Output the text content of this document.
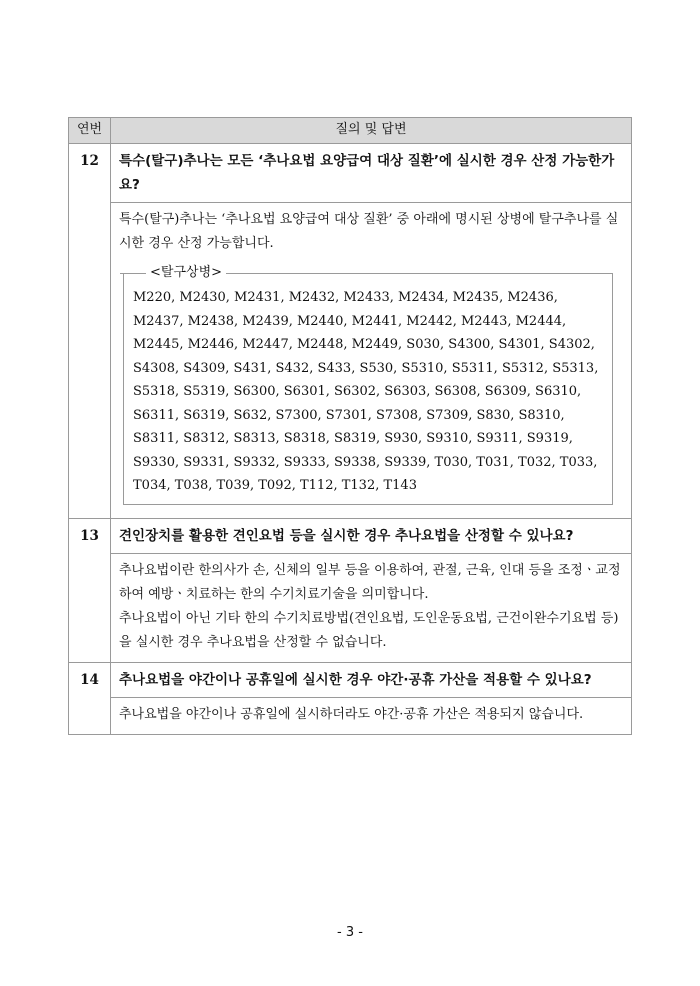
연번	질의 및 답변
12	특수(탈구)추나는 모든 ‘추나요법 요양급여 대상 질환’에 실시한 경우 산정 가능한가요?

	특수(탈구)추나는 ‘추나요법 요양급여 대상 질환’ 중 아래에 명시된 상병에 탈구추나를 실시한 경우 산정 가능합니다.

<탈구상병>
M220, M2430, M2431, M2432, M2433, M2434, M2435, M2436, M2437, M2438, M2439, M2440, M2441, M2442, M2443, M2444, M2445, M2446, M2447, M2448, M2449, S030, S4300, S4301, S4302, S4308, S4309, S431, S432, S433, S530, S5310, S5311, S5312, S5313, S5318, S5319, S6300, S6301, S6302, S6303, S6308, S6309, S6310, S6311, S6319, S632, S7300, S7301, S7308, S7309, S830, S8310, S8311, S8312, S8313, S8318, S8319, S930, S9310, S9311, S9319, S9330, S9331, S9332, S9333, S9338, S9339, T030, T031, T032, T033, T034, T038, T039, T092, T112, T132, T143

13	견인장치를 활용한 견인요법 등을 실시한 경우 추나요법을 산정할 수 있나요?

	추나요법이란 한의사가 손, 신체의 일부 등을 이용하여, 관절, 근육, 인대 등을 조정ㆍ교정하여 예방ㆍ치료하는 한의 수기치료기술을 의미합니다.

추나요법이 아닌 기타 한의 수기치료방법(견인요법, 도인운동요법, 근건이완수기요법 등)을 실시한 경우 추나요법을 산정할 수 없습니다.

14	추나요법을 야간이나 공휴일에 실시한 경우 야간·공휴 가산을 적용할 수 있나요?

	추나요법을 야간이나 공휴일에 실시하더라도 야간·공휴 가산은 적용되지 않습니다.

- 3 -
